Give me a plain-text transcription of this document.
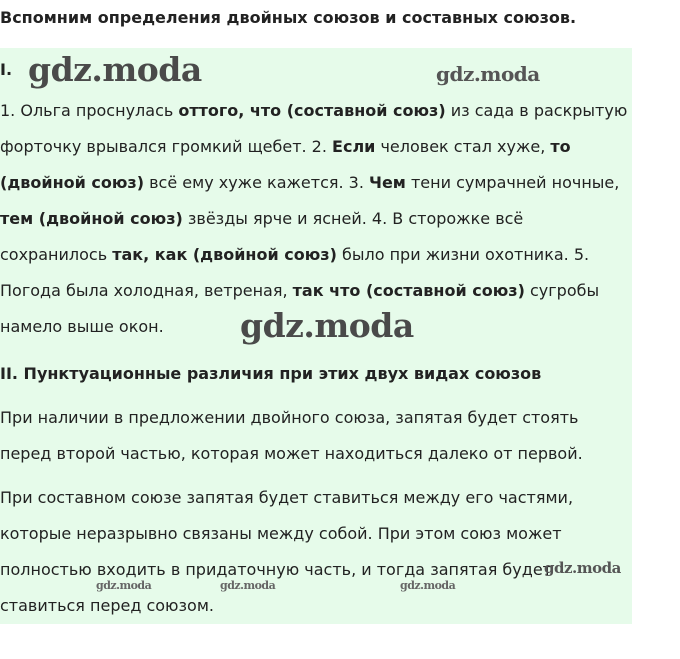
Вспомним определения двойных союзов и составных союзов.
I.

1. Ольга проснулась оттого, что (составной союз) из сада в раскрытую форточку врывался громкий щебет. 2. Если человек стал хуже, то (двойной союз) всё ему хуже кажется. 3. Чем тени сумрачней ночные, тем (двойной союз) звёзды ярче и ясней. 4. В сторожке всё сохранилось так, как (двойной союз) было при жизни охотника. 5. Погода была холодная, ветреная, так что (составной союз) сугробы намело выше окон.

II. Пунктуационные различия при этих двух видах союзов

При наличии в предложении двойного союза, запятая будет стоять перед второй частью, которая может находиться далеко от первой.

При составном союзе запятая будет ставиться между его частями, которые неразрывно связаны между собой. При этом союз может полностью входить в придаточную часть, и тогда запятая будет ставиться перед союзом.

gdz.moda	gdz.moda
gdz.moda
gdz.moda
gdz.moda	gdz.moda	gdz.moda
